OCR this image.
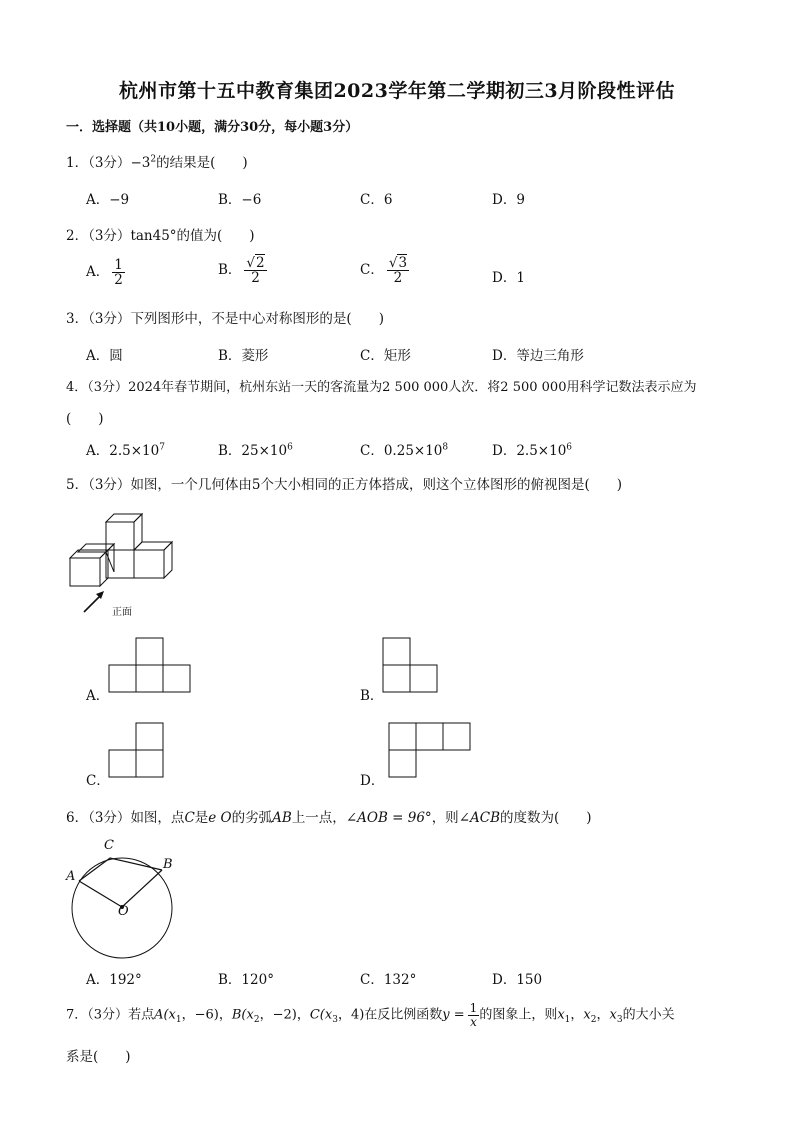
杭州市第十五中教育集团2023学年第二学期初三3月阶段性评估
一．选择题（共10小题，满分30分，每小题3分）
1．（3分）$-3^2$的结果是(　　)
A．−9	B．−6	C．6	D．9
2．（3分）tan45°的值为(　　)
A． $\frac{1}{2}$	B． $\frac{√2}{2}$	C． $\frac{√3}{2}$	D．1
3．（3分）下列图形中，不是中心对称图形的是(　　)
A．圆	B．菱形	C．矩形	D．等边三角形
4．（3分）2024年春节期间，杭州东站一天的客流量为2 500 000人次．将2 500 000用科学记数法表示应为
(　　)
A．$2.5\times 10^7$	B．$25\times 10^6$	C．$0.25\times 10^8$	D．$2.5\times 10^6$
5．（3分）如图，一个几何体由5个大小相同的正方体搭成，则这个立体图形的俯视图是(　　)
正面
A．	B．
C．	D．
6．（3分）如图，点C是e O的劣弧AB上一点，∠AOB = 96°，则∠ACB的度数为(　　)
C
A
B
O
A．192°	B．120°	C．132°	D．150
7．（3分）若点$A(x_1$，−6)，$B(x_2$，−2)，$C(x_3$，4)在反比例函数$y = \frac{1}{x}$ 的图象上，则$x_1$，$x_2$，$x_3$的大小关
系是(　　)
